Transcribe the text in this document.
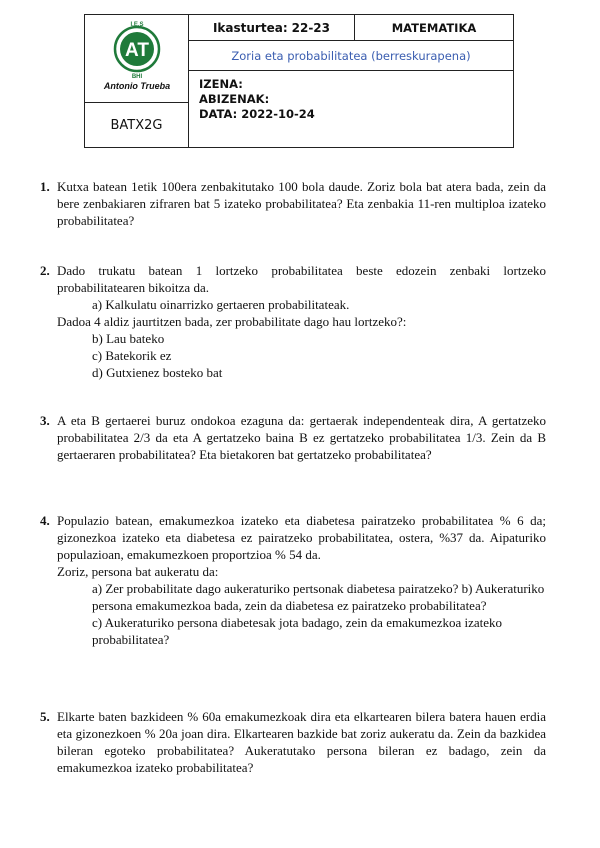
AT
I.E.S
BHI
Antonio Trueba
BATX2G
Ikasturtea: 22-23	MATEMATIKA
Zoria eta probabilitatea (berreskurapena)
IZENA:
ABIZENAK:
DATA: 2022-10-24

1. Kutxa batean 1etik 100era zenbakitutako 100 bola daude. Zoriz bola bat atera bada, zein da bere zenbakiaren zifraren bat 5 izateko probabilitatea? Eta zenbakia 11-ren multiploa izateko probabilitatea?

2. Dado trukatu batean 1 lortzeko probabilitatea beste edozein zenbaki lortzeko probabilitatearen bikoitza da.

a) Kalkulatu oinarrizko gertaeren probabilitateak.

Dadoa 4 aldiz jaurtitzen bada, zer probabilitate dago hau lortzeko?:

b) Lau bateko

c) Batekorik ez

d) Gutxienez bosteko bat

3. A eta B gertaerei buruz ondokoa ezaguna da: gertaerak independenteak dira, A gertatzeko probabilitatea 2/3 da eta A gertatzeko baina B ez gertatzeko probabilitatea 1/3. Zein da B gertaeraren probabilitatea? Eta bietakoren bat gertatzeko probabilitatea?

4. Populazio batean, emakumezkoa izateko eta diabetesa pairatzeko probabilitatea % 6 da; gizonezkoa izateko eta diabetesa ez pairatzeko probabilitatea, ostera, %37 da. Aipaturiko populazioan, emakumezkoen proportzioa % 54 da.

Zoriz, persona bat aukeratu da:

a) Zer probabilitate dago aukeraturiko pertsonak diabetesa pairatzeko? b) Aukeraturiko persona emakumezkoa bada, zein da diabetesa ez pairatzeko probabilitatea?

c) Aukeraturiko persona diabetesak jota badago, zein da emakumezkoa izateko probabilitatea?

5. Elkarte baten bazkideen % 60a emakumezkoak dira eta elkartearen bilera batera hauen erdia eta gizonezkoen % 20a joan dira. Elkartearen bazkide bat zoriz aukeratu da. Zein da bazkidea bileran egoteko probabilitatea? Aukeratutako persona bileran ez badago, zein da emakumezkoa izateko probabilitatea?
